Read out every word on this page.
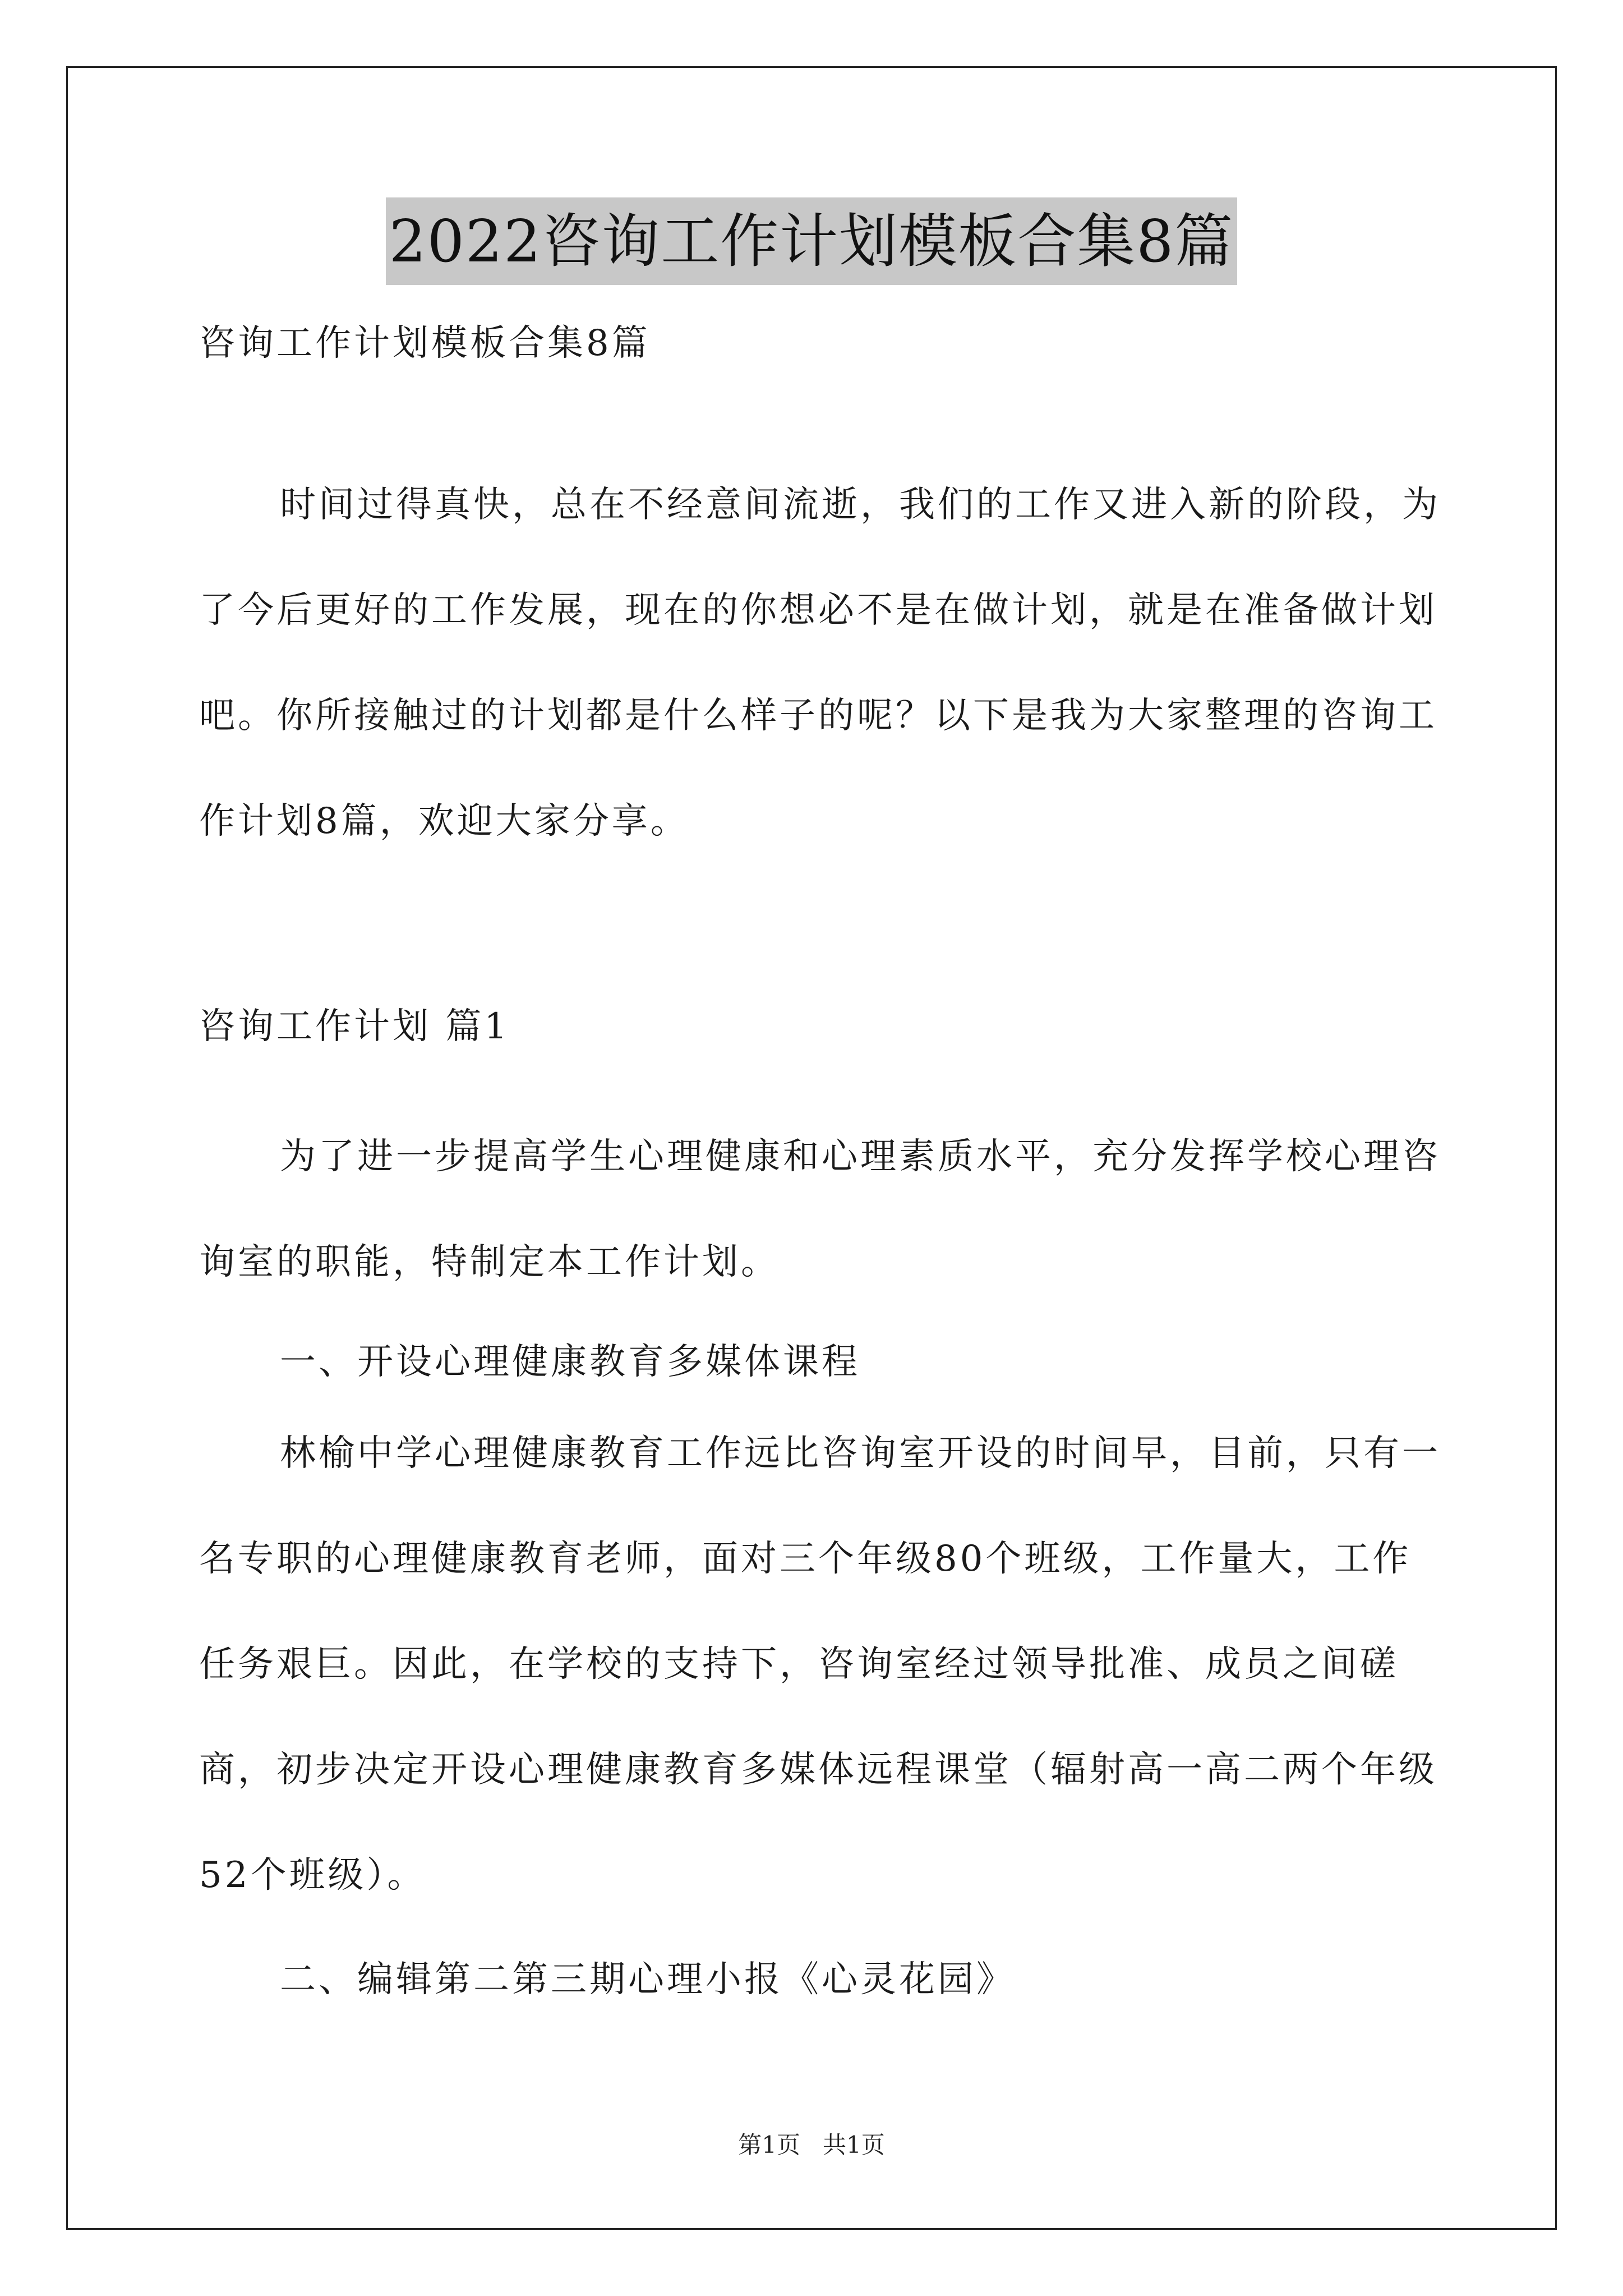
2022咨询工作计划模板合集8篇
咨询工作计划模板合集8篇
时间过得真快，总在不经意间流逝，我们的工作又进入新的阶段，为了今后更好的工作发展，现在的你想必不是在做计划，就是在准备做计划吧。你所接触过的计划都是什么样子的呢？以下是我为大家整理的咨询工作计划8篇，欢迎大家分享。
咨询工作计划 篇1
为了进一步提高学生心理健康和心理素质水平，充分发挥学校心理咨询室的职能，特制定本工作计划。
一、开设心理健康教育多媒体课程
林榆中学心理健康教育工作远比咨询室开设的时间早，目前，只有一名专职的心理健康教育老师，面对三个年级80个班级，工作量大，工作任务艰巨。因此，在学校的支持下，咨询室经过领导批准、成员之间磋商，初步决定开设心理健康教育多媒体远程课堂（辐射高一高二两个年级52个班级）。
二、编辑第二第三期心理小报《心灵花园》
第1页 共1页
